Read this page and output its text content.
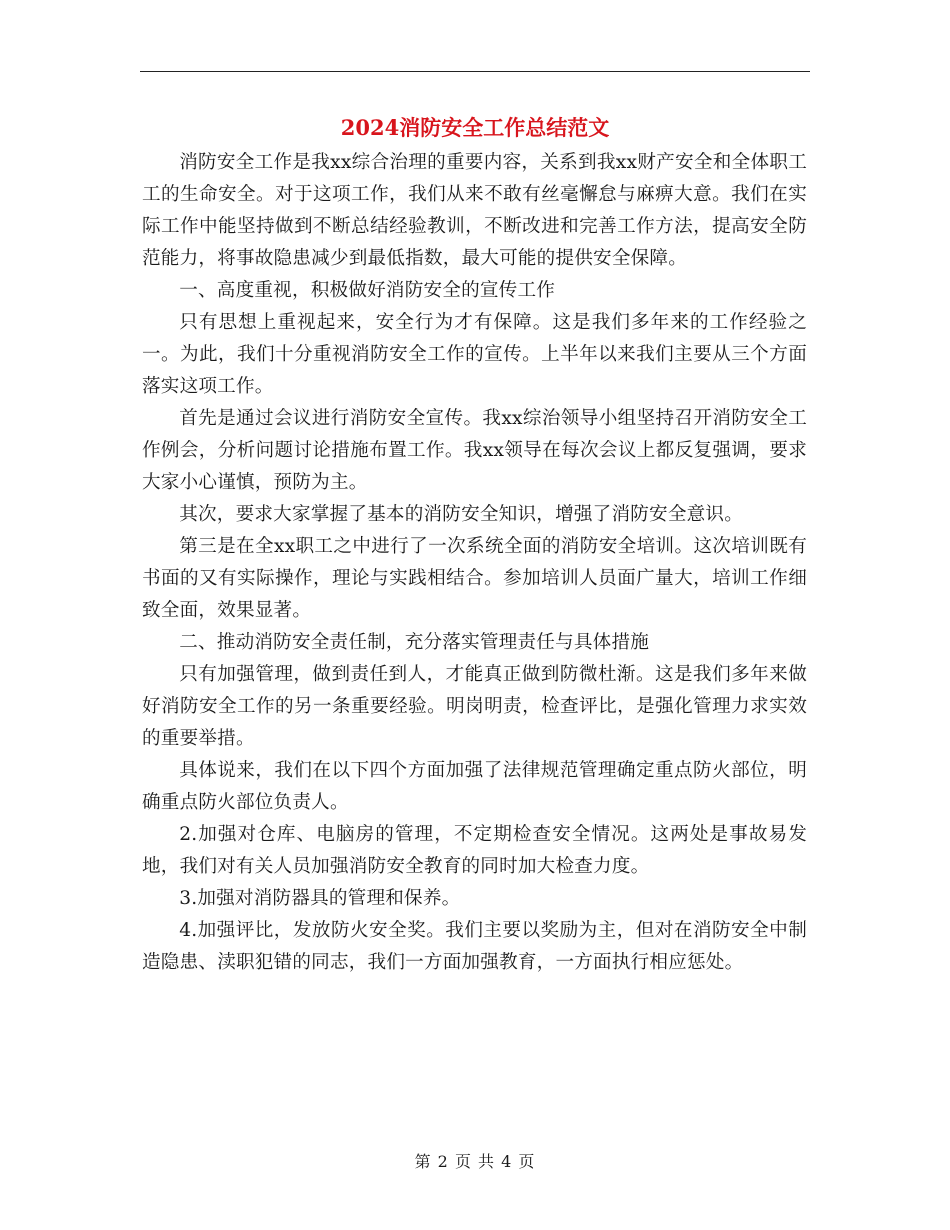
2024消防安全工作总结范文

消防安全工作是我xx综合治理的重要内容，关系到我xx财产安全和全体职工工的生命安全。对于这项工作，我们从来不敢有丝毫懈怠与麻痹大意。我们在实际工作中能坚持做到不断总结经验教训，不断改进和完善工作方法，提高安全防范能力，将事故隐患减少到最低指数，最大可能的提供安全保障。

一、高度重视，积极做好消防安全的宣传工作

只有思想上重视起来，安全行为才有保障。这是我们多年来的工作经验之一。为此，我们十分重视消防安全工作的宣传。上半年以来我们主要从三个方面落实这项工作。

首先是通过会议进行消防安全宣传。我xx综治领导小组坚持召开消防安全工作例会，分析问题讨论措施布置工作。我xx领导在每次会议上都反复强调，要求大家小心谨慎，预防为主。

其次，要求大家掌握了基本的消防安全知识，增强了消防安全意识。

第三是在全xx职工之中进行了一次系统全面的消防安全培训。这次培训既有书面的又有实际操作，理论与实践相结合。参加培训人员面广量大，培训工作细致全面，效果显著。

二、推动消防安全责任制，充分落实管理责任与具体措施

只有加强管理，做到责任到人，才能真正做到防微杜渐。这是我们多年来做好消防安全工作的另一条重要经验。明岗明责，检查评比，是强化管理力求实效的重要举措。

具体说来，我们在以下四个方面加强了法律规范管理确定重点防火部位，明确重点防火部位负责人。

2.加强对仓库、电脑房的管理，不定期检查安全情况。这两处是事故易发地，我们对有关人员加强消防安全教育的同时加大检查力度。

3.加强对消防器具的管理和保养。

4.加强评比，发放防火安全奖。我们主要以奖励为主，但对在消防安全中制造隐患、渎职犯错的同志，我们一方面加强教育，一方面执行相应惩处。

第 2 页 共 4 页
